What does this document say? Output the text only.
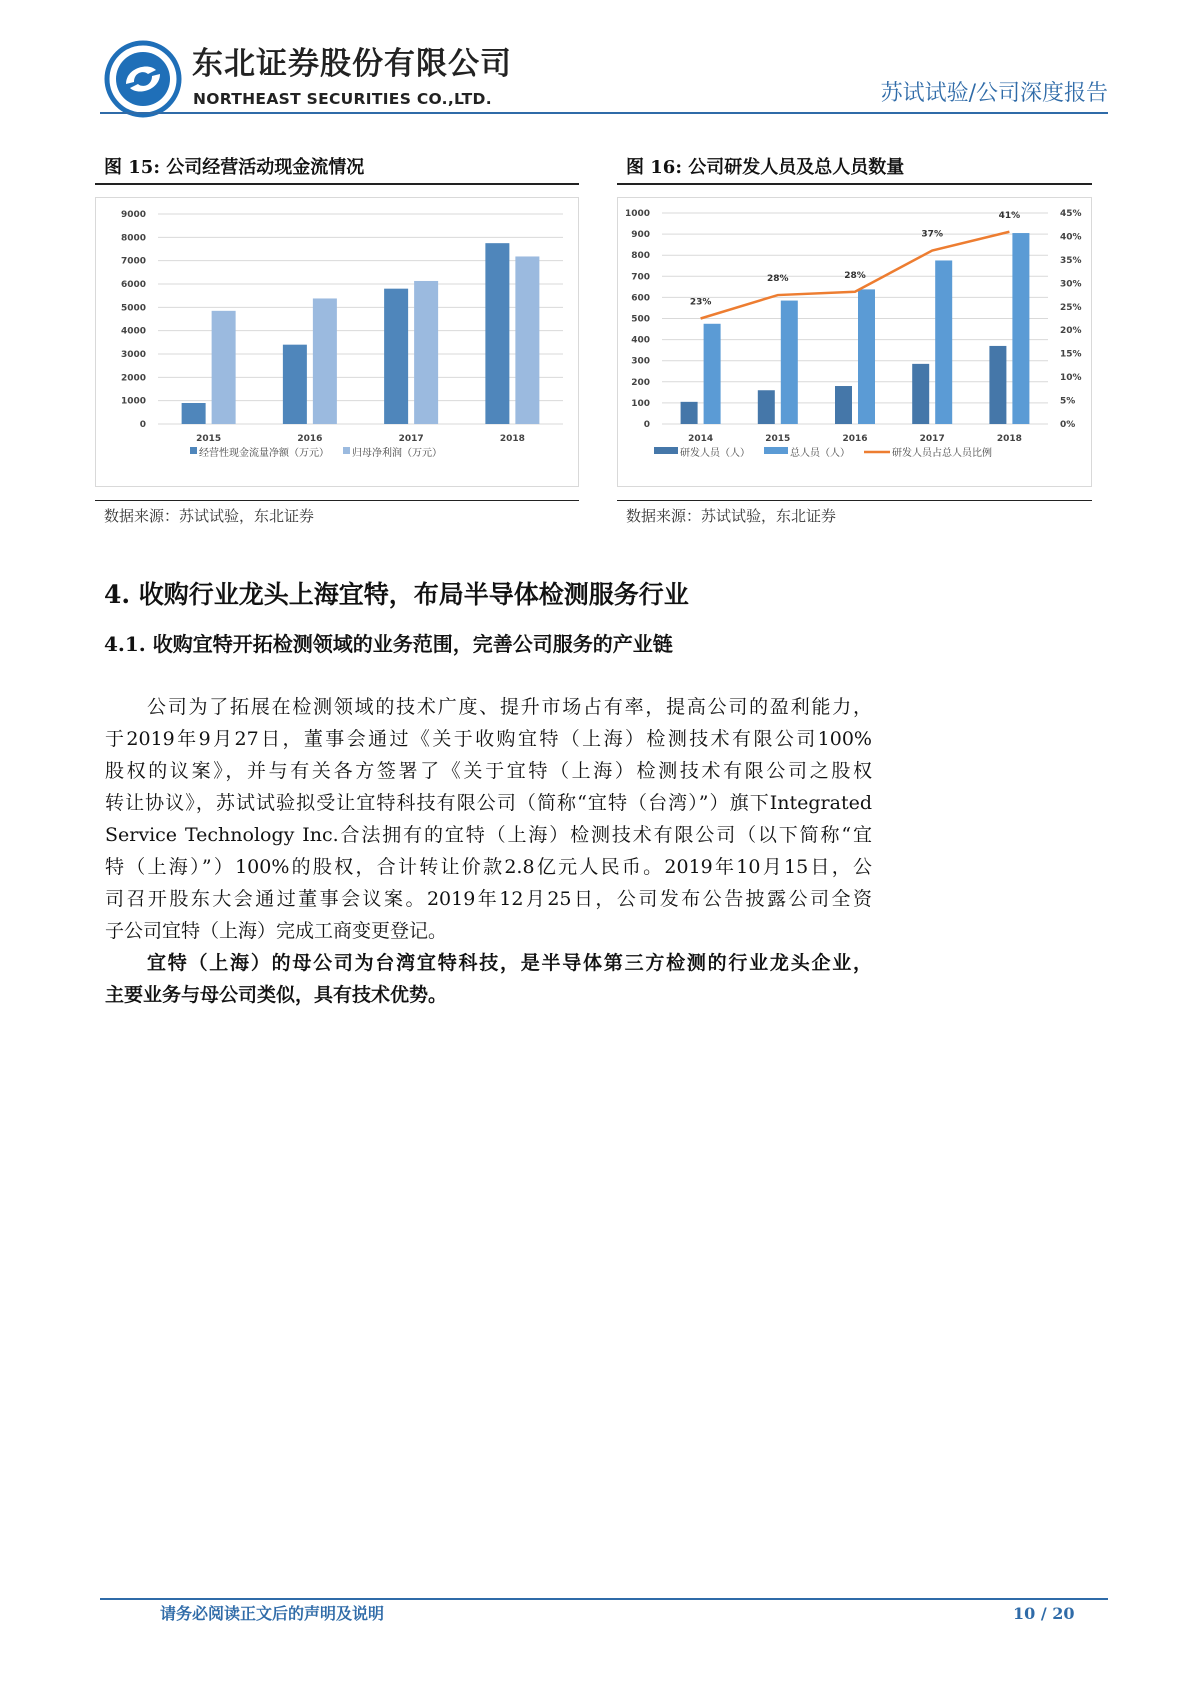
东北证券股份有限公司
NORTHEAST SECURITIES CO.,LTD.	苏试试验/公司深度报告
图 15: 公司经营活动现金流情况
0
1000
2000
3000
4000
5000
6000
7000
8000
9000
2015	2016	2017	2018
经营性现金流量净额（万元） 归母净利润（万元）
数据来源：苏试试验，东北证券
图 16: 公司研发人员及总人员数量
0
100
200
300
400
500
600
700
800
900
1000
0%
5%
10%
15%
20%
25%
30%
35%
40%
45%
2014	2015	2016	2017	2018
23%
28%	28%
37%
41%
研发人员（人）	总人员（人）	研发人员占总人员比例
数据来源：苏试试验，东北证券
4. 收购行业龙头上海宜特，布局半导体检测服务行业
4.1. 收购宜特开拓检测领域的业务范围，完善公司服务的产业链
公司为了拓展在检测领域的技术广度、提升市场占有率，提高公司的盈利能力，
于2019年9月27日，董事会通过《关于收购宜特（上海）检测技术有限公司100%
股权的议案》，并与有关各方签署了《关于宜特（上海）检测技术有限公司之股权
转让协议》，苏试试验拟受让宜特科技有限公司（简称“宜特（台湾）”）旗下Integrated
Service Technology Inc.合法拥有的宜特（上海）检测技术有限公司（以下简称“宜
特（上海）”）100%的股权，合计转让价款2.8亿元人民币。2019年10月15日，公
司召开股东大会通过董事会议案。2019年12月25日，公司发布公告披露公司全资
子公司宜特（上海）完成工商变更登记。
宜特（上海）的母公司为台湾宜特科技，是半导体第三方检测的行业龙头企业，
主要业务与母公司类似，具有技术优势。
请务必阅读正文后的声明及说明	10 / 20
